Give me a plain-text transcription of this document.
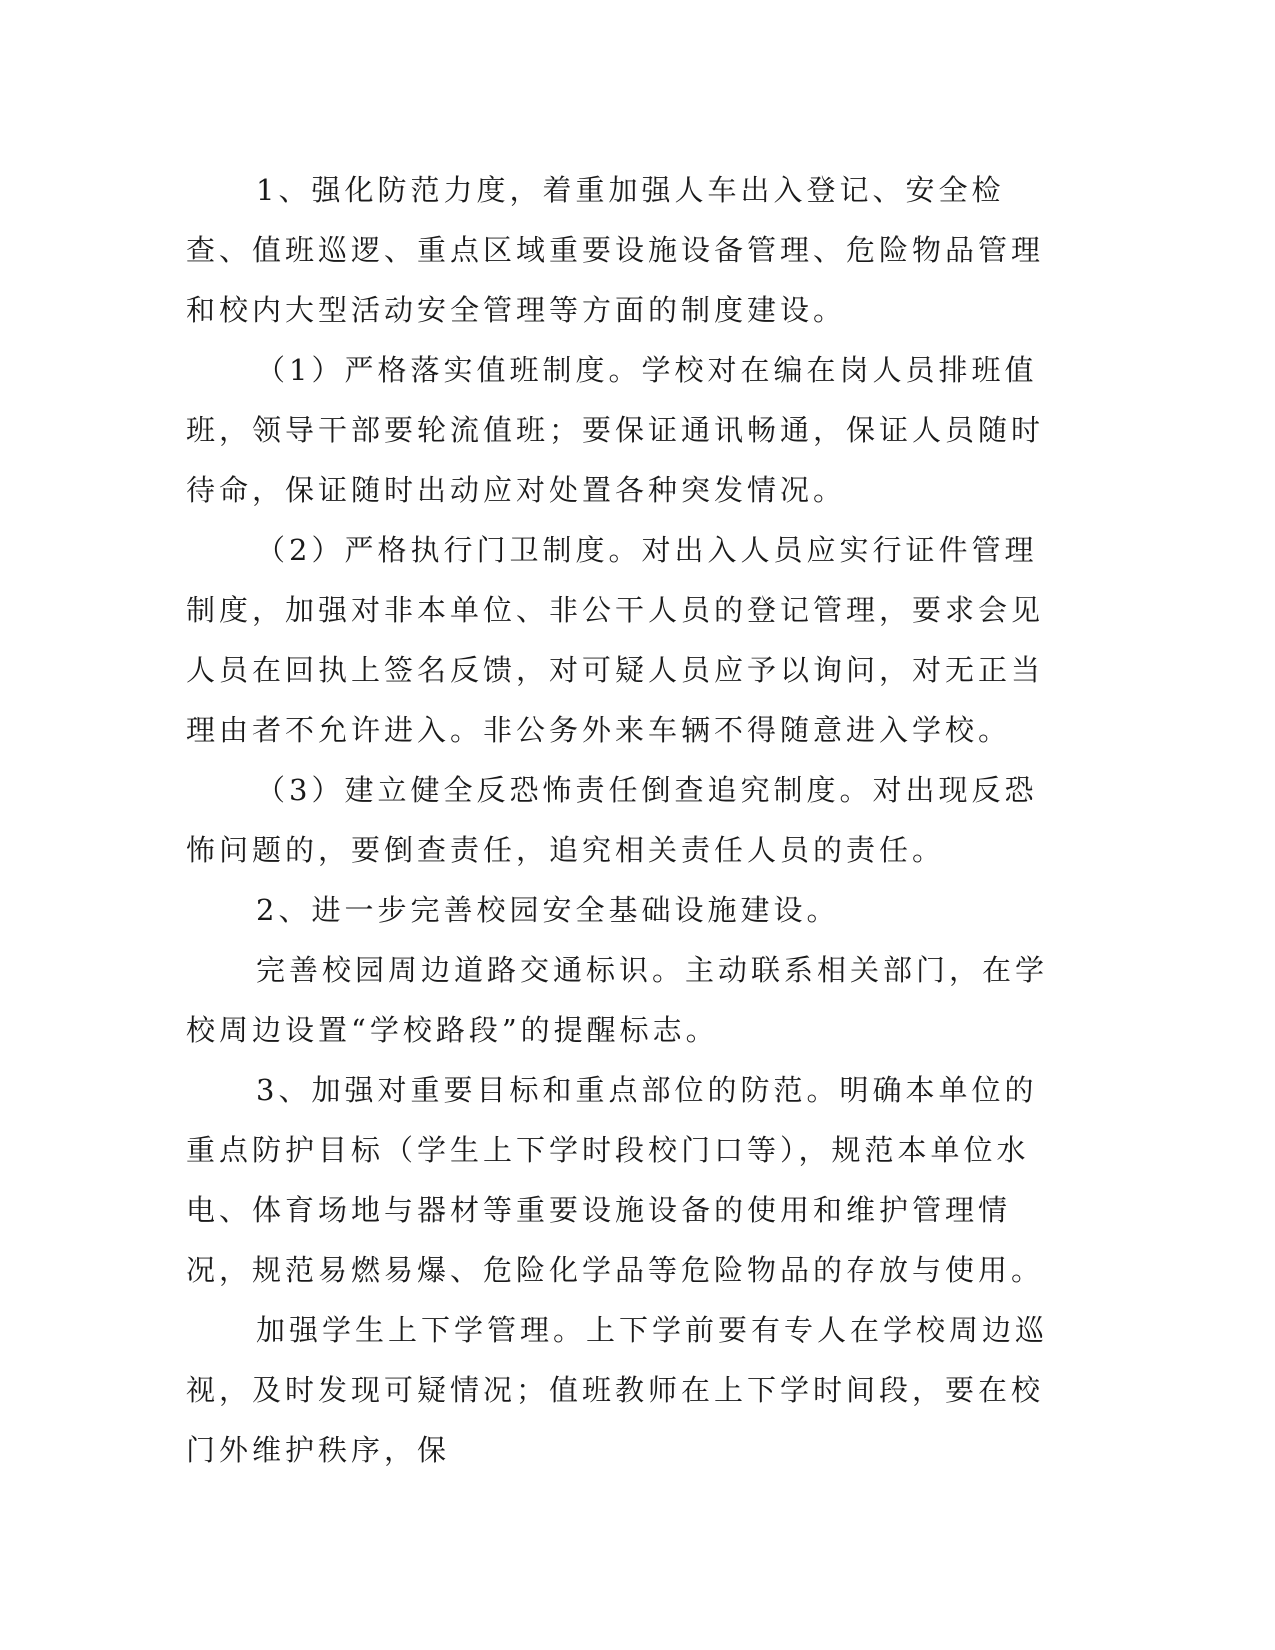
1、强化防范力度，着重加强人车出入登记、安全检查、值班巡逻、重点区域重要设施设备管理、危险物品管理和校内大型活动安全管理等方面的制度建设。

（1）严格落实值班制度。学校对在编在岗人员排班值班，领导干部要轮流值班；要保证通讯畅通，保证人员随时待命，保证随时出动应对处置各种突发情况。

（2）严格执行门卫制度。对出入人员应实行证件管理制度，加强对非本单位、非公干人员的登记管理，要求会见人员在回执上签名反馈，对可疑人员应予以询问，对无正当理由者不允许进入。非公务外来车辆不得随意进入学校。

（3）建立健全反恐怖责任倒查追究制度。对出现反恐怖问题的，要倒查责任，追究相关责任人员的责任。

2、进一步完善校园安全基础设施建设。

完善校园周边道路交通标识。主动联系相关部门，在学校周边设置“学校路段”的提醒标志。

3、加强对重要目标和重点部位的防范。明确本单位的重点防护目标（学生上下学时段校门口等），规范本单位水电、体育场地与器材等重要设施设备的使用和维护管理情况，规范易燃易爆、危险化学品等危险物品的存放与使用。

加强学生上下学管理。上下学前要有专人在学校周边巡视，及时发现可疑情况；值班教师在上下学时间段，要在校门外维护秩序，保
